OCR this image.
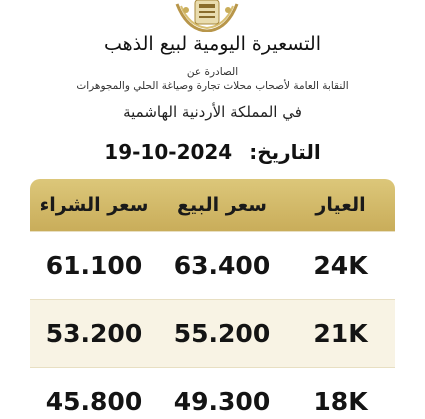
التسعيرة اليومية لبيع الذهب
الصادرة عن
النقابة العامة لأصحاب محلات تجارة وصياغة الحلي والمجوهرات
في المملكة الأردنية الهاشمية
19-10-2024 التاريخ:
سعر الشراء	سعر البيع	العيار
61.100	63.400	24K
53.200	55.200	21K
45.800	49.300	18K
